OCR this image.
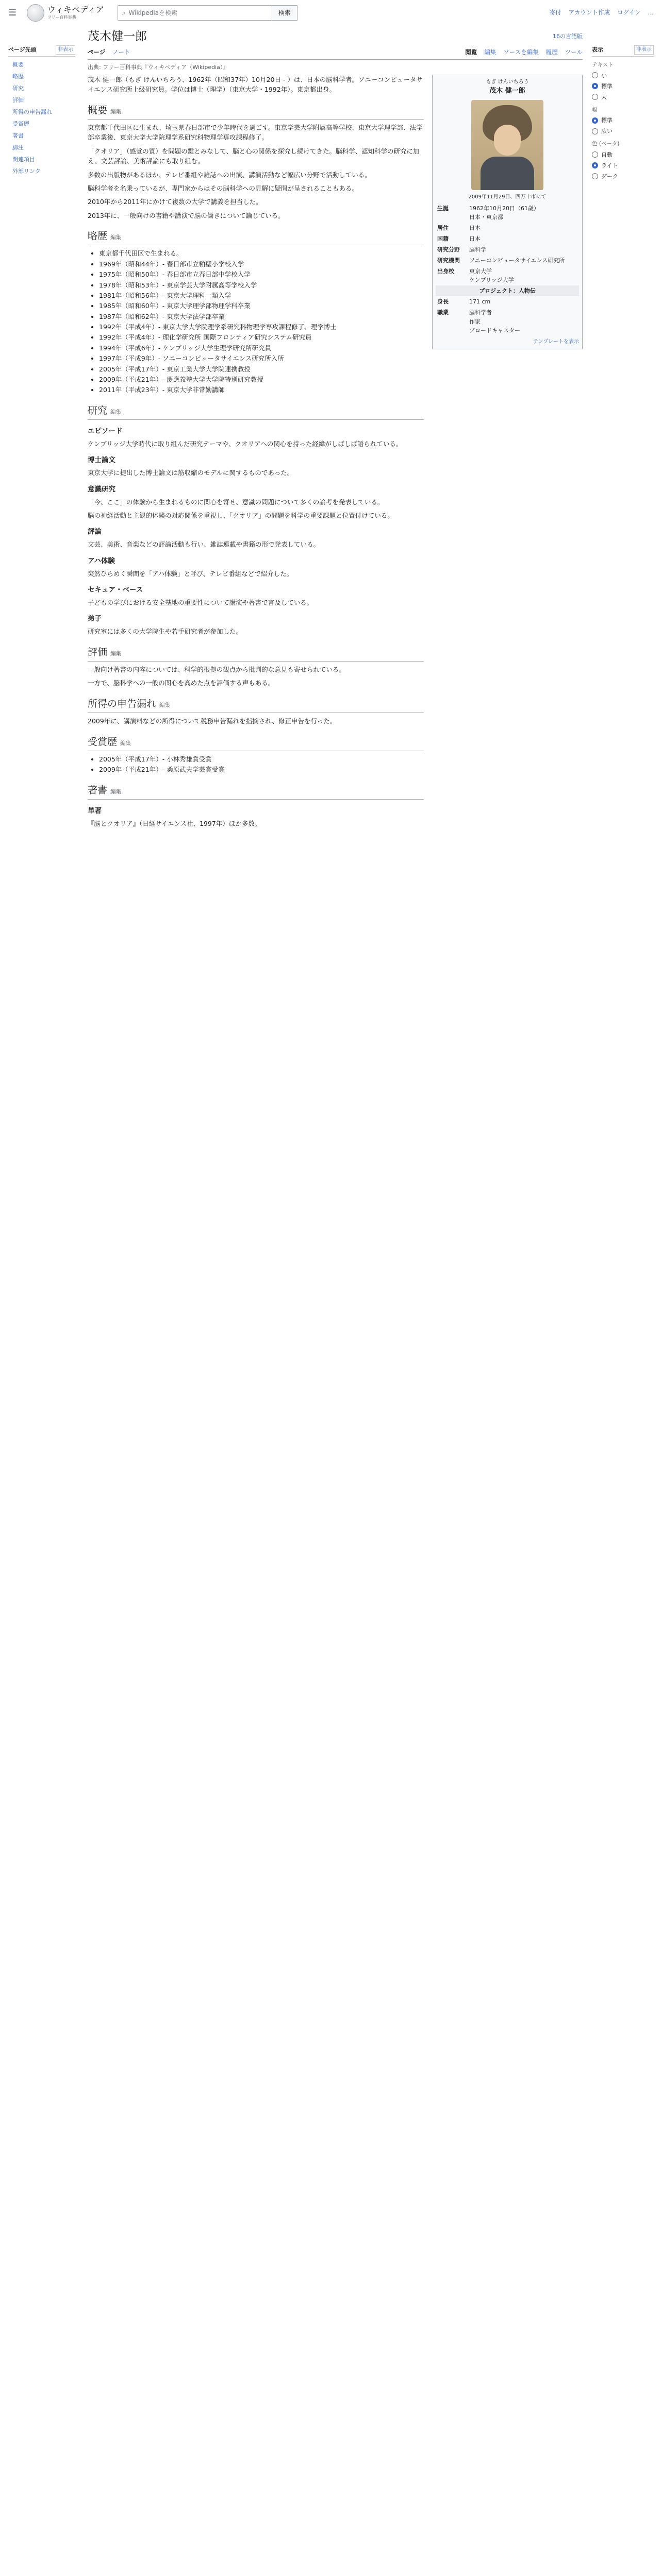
☰	ウィキペディア
フリー百科事典
⌕ Wikipediaを検索	検索	寄付 アカウント作成 ログイン …
ページ先頭	非表示
概要
略歴
研究
評価
所得の申告漏れ
受賞歴
著書
脚注
関連項目
外部リンク
表示	非表示
テキスト
小
標準
大
幅
標準
広い
色 (ベータ)
自動
ライト
ダーク
茂木健一郎	16の言語版
ページ ノート	閲覧 編集 ソースを編集 履歴 ツール
出典: フリー百科事典『ウィキペディア（Wikipedia）』

茂木 健一郎（もぎ けんいちろう、1962年（昭和37年）10月20日 - ）は、日本の脳科学者。ソニーコンピュータサイエンス研究所上級研究員。学位は博士（理学）（東京大学・1992年）。東京都出身。

概要 編集

東京都千代田区に生まれ、埼玉県春日部市で少年時代を過ごす。東京学芸大学附属高等学校、東京大学理学部、法学部卒業後、東京大学大学院理学系研究科物理学専攻課程修了。

「クオリア」（感覚の質）を問題の鍵とみなして、脳と心の関係を探究し続けてきた。脳科学、認知科学の研究に加え、文芸評論、美術評論にも取り組む。

多数の出版物があるほか、テレビ番組や雑誌への出演、講演活動など幅広い分野で活動している。

脳科学者を名乗っているが、専門家からはその脳科学への見解に疑問が呈されることもある。

2010年から2011年にかけて複数の大学で講義を担当した。

2013年に、一般向けの書籍や講演で脳の働きについて論じている。

略歴 編集
• 東京都千代田区で生まれる。
• 1969年（昭和44年）- 春日部市立粕壁小学校入学
• 1975年（昭和50年）- 春日部市立春日部中学校入学
• 1978年（昭和53年）- 東京学芸大学附属高等学校入学
• 1981年（昭和56年）- 東京大学理科一類入学
• 1985年（昭和60年）- 東京大学理学部物理学科卒業
• 1987年（昭和62年）- 東京大学法学部卒業
• 1992年（平成4年）- 東京大学大学院理学系研究科物理学専攻課程修了、理学博士
• 1992年（平成4年）- 理化学研究所 国際フロンティア研究システム研究員
• 1994年（平成6年）- ケンブリッジ大学生理学研究所研究員
• 1997年（平成9年）- ソニーコンピュータサイエンス研究所入所
• 2005年（平成17年）- 東京工業大学大学院連携教授
• 2009年（平成21年）- 慶應義塾大学大学院特別研究教授
• 2011年（平成23年）- 東京大学非常勤講師
研究 編集
エピソード

ケンブリッジ大学時代に取り組んだ研究テーマや、クオリアへの関心を持った経緯がしばしば語られている。

博士論文

東京大学に提出した博士論文は筋収縮のモデルに関するものであった。

意識研究

「今、ここ」の体験から生まれるものに関心を寄せ、意識の問題について多くの論考を発表している。

脳の神経活動と主観的体験の対応関係を重視し、「クオリア」の問題を科学の重要課題と位置付けている。

評論

文芸、美術、音楽などの評論活動も行い、雑誌連載や書籍の形で発表している。

アハ体験

突然ひらめく瞬間を「アハ体験」と呼び、テレビ番組などで紹介した。

セキュア・ベース

子どもの学びにおける安全基地の重要性について講演や著書で言及している。

弟子

研究室には多くの大学院生や若手研究者が参加した。

評価 編集

一般向け著書の内容については、科学的根拠の観点から批判的な意見も寄せられている。

一方で、脳科学への一般の関心を高めた点を評価する声もある。

所得の申告漏れ 編集

2009年に、講演料などの所得について税務申告漏れを指摘され、修正申告を行った。

受賞歴 編集
• 2005年（平成17年）- 小林秀雄賞受賞
• 2009年（平成21年）- 桑原武夫学芸賞受賞
著書 編集
単著

『脳とクオリア』（日経サイエンス社、1997年）ほか多数。

もぎ けんいちろう
茂木 健一郎
2009年11月29日、四万十市にて
生誕	1962年10月20日（61歳）
日本・東京都
居住	日本
国籍	日本
研究分野	脳科学
研究機関	ソニーコンピュータサイエンス研究所
出身校	東京大学
ケンブリッジ大学
プロジェクト：人物伝
身長	171 cm
職業	脳科学者
作家
ブロードキャスター
テンプレートを表示
